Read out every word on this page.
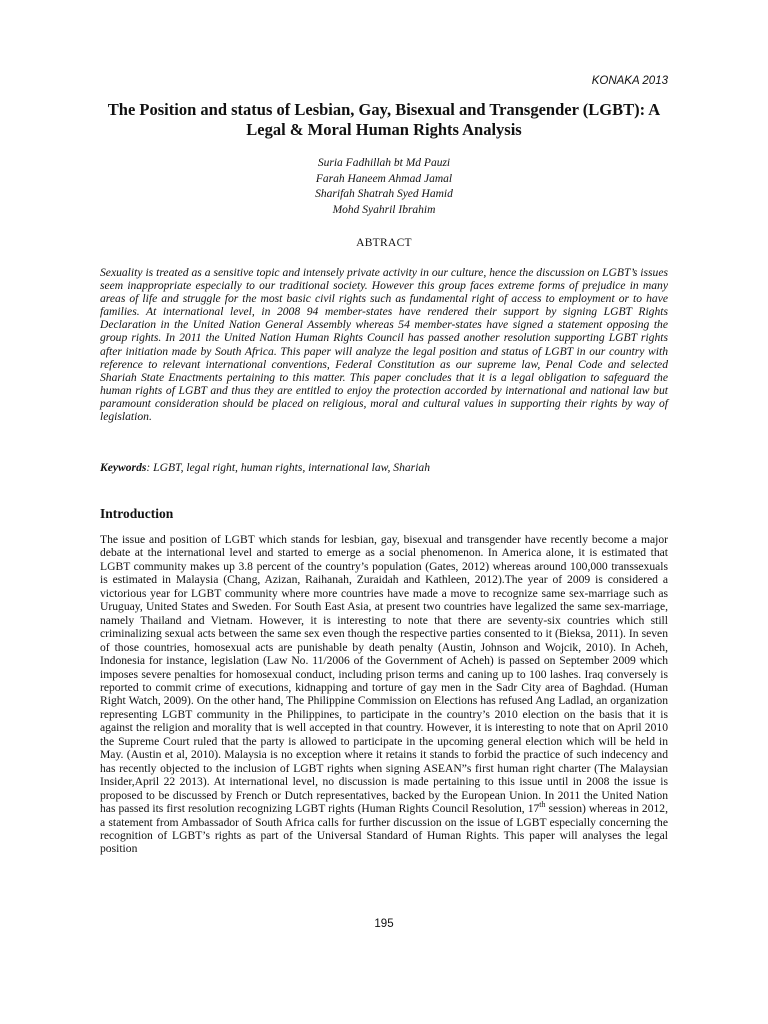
KONAKA 2013
The Position and status of Lesbian, Gay, Bisexual and Transgender (LGBT): A Legal & Moral Human Rights Analysis
Suria Fadhillah bt Md Pauzi
Farah Haneem Ahmad Jamal
Sharifah Shatrah Syed Hamid
Mohd Syahril Ibrahim
ABTRACT

Sexuality is treated as a sensitive topic and intensely private activity in our culture, hence the discussion on LGBT’s issues seem inappropriate especially to our traditional society. However this group faces extreme forms of prejudice in many areas of life and struggle for the most basic civil rights such as fundamental right of access to employment or to have families. At international level, in 2008 94 member-states have rendered their support by signing LGBT Rights Declaration in the United Nation General Assembly whereas 54 member-states have signed a statement opposing the group rights. In 2011 the United Nation Human Rights Council has passed another resolution supporting LGBT rights after initiation made by South Africa. This paper will analyze the legal position and status of LGBT in our country with reference to relevant international conventions, Federal Constitution as our supreme law, Penal Code and selected Shariah State Enactments pertaining to this matter. This paper concludes that it is a legal obligation to safeguard the human rights of LGBT and thus they are entitled to enjoy the protection accorded by international and national law but paramount consideration should be placed on religious, moral and cultural values in supporting their rights by way of legislation.

Keywords: LGBT, legal right, human rights, international law, Shariah
Introduction

The issue and position of LGBT which stands for lesbian, gay, bisexual and transgender have recently become a major debate at the international level and started to emerge as a social phenomenon. In America alone, it is estimated that LGBT community makes up 3.8 percent of the country’s population (Gates, 2012) whereas around 100,000 transsexuals is estimated in Malaysia (Chang, Azizan, Raihanah, Zuraidah and Kathleen, 2012).The year of 2009 is considered a victorious year for LGBT community where more countries have made a move to recognize same sex-marriage such as Uruguay, United States and Sweden. For South East Asia, at present two countries have legalized the same sex-marriage, namely Thailand and Vietnam. However, it is interesting to note that there are seventy-six countries which still criminalizing sexual acts between the same sex even though the respective parties consented to it (Bieksa, 2011). In seven of those countries, homosexual acts are punishable by death penalty (Austin, Johnson and Wojcik, 2010). In Acheh, Indonesia for instance, legislation (Law No. 11/2006 of the Government of Acheh) is passed on September 2009 which imposes severe penalties for homosexual conduct, including prison terms and caning up to 100 lashes. Iraq conversely is reported to commit crime of executions, kidnapping and torture of gay men in the Sadr City area of Baghdad. (Human Right Watch, 2009). On the other hand, The Philippine Commission on Elections has refused Ang Ladlad, an organization representing LGBT community in the Philippines, to participate in the country’s 2010 election on the basis that it is against the religion and morality that is well accepted in that country. However, it is interesting to note that on April 2010 the Supreme Court ruled that the party is allowed to participate in the upcoming general election which will be held in May. (Austin et al, 2010). Malaysia is no exception where it retains it stands to forbid the practice of such indecency and has recently objected to the inclusion of LGBT rights when signing ASEAN”s first human right charter (The Malaysian Insider,April 22 2013). At international level, no discussion is made pertaining to this issue until in 2008 the issue is proposed to be discussed by French or Dutch representatives, backed by the European Union. In 2011 the United Nation has passed its first resolution recognizing LGBT rights (Human Rights Council Resolution, 17th session) whereas in 2012, a statement from Ambassador of South Africa calls for further discussion on the issue of LGBT especially concerning the recognition of LGBT’s rights as part of the Universal Standard of Human Rights. This paper will analyses the legal position

195
